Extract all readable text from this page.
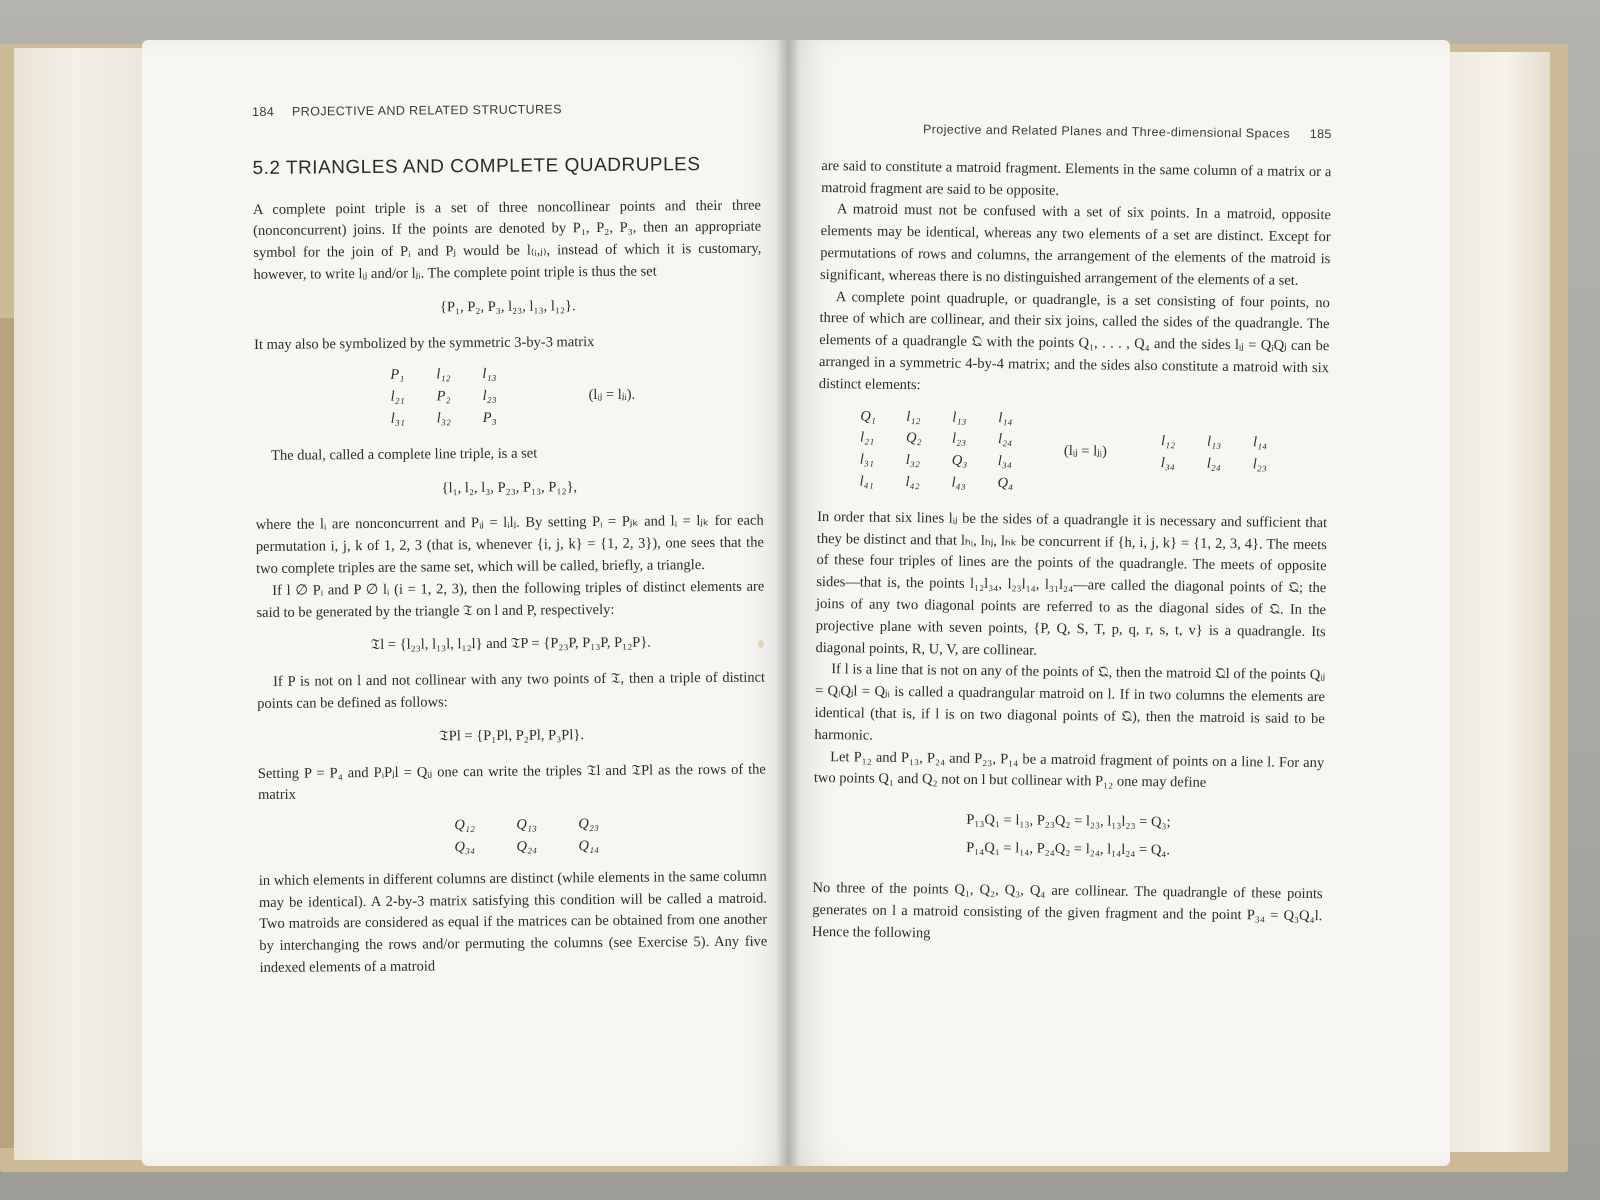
184 PROJECTIVE AND RELATED STRUCTURES
5.2 TRIANGLES AND COMPLETE QUADRUPLES

A complete point triple is a set of three noncollinear points and their three (nonconcurrent) joins. If the points are denoted by P₁, P₂, P₃, then an appropriate symbol for the join of Pᵢ and Pⱼ would be l₍ᵢ,ⱼ₎, instead of which it is customary, however, to write lᵢⱼ and/or lⱼᵢ. The complete point triple is thus the set

{P₁, P₂, P₃, l₂₃, l₁₃, l₁₂}.

It may also be symbolized by the symmetric 3-by-3 matrix

P₁	l₁₂	l₁₃
l₂₁	P₂	l₂₃
l₃₁	l₃₂	P₃
(lᵢⱼ = lⱼᵢ).

The dual, called a complete line triple, is a set

{l₁, l₂, l₃, P₂₃, P₁₃, P₁₂},

where the lᵢ are nonconcurrent and Pᵢⱼ = lᵢlⱼ. By setting Pᵢ = Pⱼₖ and lᵢ = lⱼₖ for each permutation i, j, k of 1, 2, 3 (that is, whenever {i, j, k} = {1, 2, 3}), one sees that the two complete triples are the same set, which will be called, briefly, a triangle.

If l ∅ Pᵢ and P ∅ lᵢ (i = 1, 2, 3), then the following triples of distinct elements are said to be generated by the triangle 𝔗 on l and P, respectively:

𝔗l = {l₂₃l, l₁₃l, l₁₂l} and 𝔗P = {P₂₃P, P₁₃P, P₁₂P}.

If P is not on l and not collinear with any two points of 𝔗, then a triple of distinct points can be defined as follows:

𝔗Pl = {P₁Pl, P₂Pl, P₃Pl}.

Setting P = P₄ and PᵢPⱼl = Qᵢⱼ one can write the triples 𝔗l and 𝔗Pl as the rows of the matrix

Q₁₂	Q₁₃	Q₂₃
Q₃₄	Q₂₄	Q₁₄

in which elements in different columns are distinct (while elements in the same column may be identical). A 2-by-3 matrix satisfying this condition will be called a matroid. Two matroids are considered as equal if the matrices can be obtained from one another by interchanging the rows and/or permuting the columns (see Exercise 5). Any five indexed elements of a matroid

Projective and Related Planes and Three-dimensional Spaces 185

are said to constitute a matroid fragment. Elements in the same column of a matrix or a matroid fragment are said to be opposite.

A matroid must not be confused with a set of six points. In a matroid, opposite elements may be identical, whereas any two elements of a set are distinct. Except for permutations of rows and columns, the arrangement of the elements of the matroid is significant, whereas there is no distinguished arrangement of the elements of a set.

A complete point quadruple, or quadrangle, is a set consisting of four points, no three of which are collinear, and their six joins, called the sides of the quadrangle. The elements of a quadrangle 𝔔 with the points Q₁, . . . , Q₄ and the sides lᵢⱼ = QᵢQⱼ can be arranged in a symmetric 4-by-4 matrix; and the sides also constitute a matroid with six distinct elements:

Q₁	l₁₂	l₁₃	l₁₄
l₂₁	Q₂	l₂₃	l₂₄
l₃₁	l₃₂	Q₃	l₃₄
l₄₁	l₄₂	l₄₃	Q₄
(lᵢⱼ = lⱼᵢ)
l₁₂	l₁₃	l₁₄
l₃₄	l₂₄	l₂₃

In order that six lines lᵢⱼ be the sides of a quadrangle it is necessary and sufficient that they be distinct and that lₕᵢ, lₕⱼ, lₕₖ be concurrent if {h, i, j, k} = {1, 2, 3, 4}. The meets of these four triples of lines are the points of the quadrangle. The meets of opposite sides—that is, the points l₁₂l₃₄, l₂₃l₁₄, l₃₁l₂₄—are called the diagonal points of 𝔔; the joins of any two diagonal points are referred to as the diagonal sides of 𝔔. In the projective plane with seven points, {P, Q, S, T, p, q, r, s, t, v} is a quadrangle. Its diagonal points, R, U, V, are collinear.

If l is a line that is not on any of the points of 𝔔, then the matroid 𝔔l of the points Qᵢⱼ = QᵢQⱼl = Qⱼᵢ is called a quadrangular matroid on l. If in two columns the elements are identical (that is, if l is on two diagonal points of 𝔔), then the matroid is said to be harmonic.

Let P₁₂ and P₁₃, P₂₄ and P₂₃, P₁₄ be a matroid fragment of points on a line l. For any two points Q₁ and Q₂ not on l but collinear with P₁₂ one may define

P₁₃Q₁ = l₁₃, P₂₃Q₂ = l₂₃, l₁₃l₂₃ = Q₃;
P₁₄Q₁ = l₁₄, P₂₄Q₂ = l₂₄, l₁₄l₂₄ = Q₄.

No three of the points Q₁, Q₂, Q₃, Q₄ are collinear. The quadrangle of these points generates on l a matroid consisting of the given fragment and the point P₃₄ = Q₃Q₄l. Hence the following
